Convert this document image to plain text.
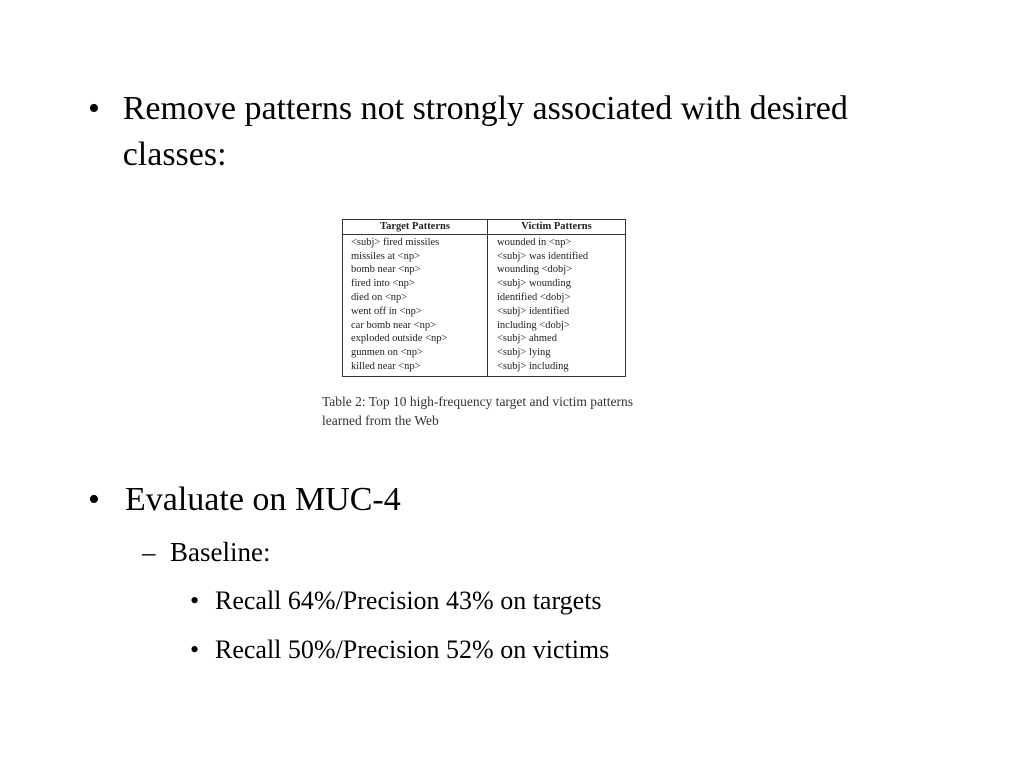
• Remove patterns not strongly associated with desired classes:
Target Patterns	Victim Patterns
<subj> fired missiles	wounded in <np>
missiles at <np>	<subj> was identified
bomb near <np>	wounding <dobj>
fired into <np>	<subj> wounding
died on <np>	identified <dobj>
went off in <np>	<subj> identified
car bomb near <np>	including <dobj>
exploded outside <np>	<subj> ahmed
gunmen on <np>	<subj> lying
killed near <np>	<subj> including
Table 2: Top 10 high-frequency target and victim patterns learned from the Web
• Evaluate on MUC-4
– Baseline:
• Recall 64%/Precision 43% on targets
• Recall 50%/Precision 52% on victims
